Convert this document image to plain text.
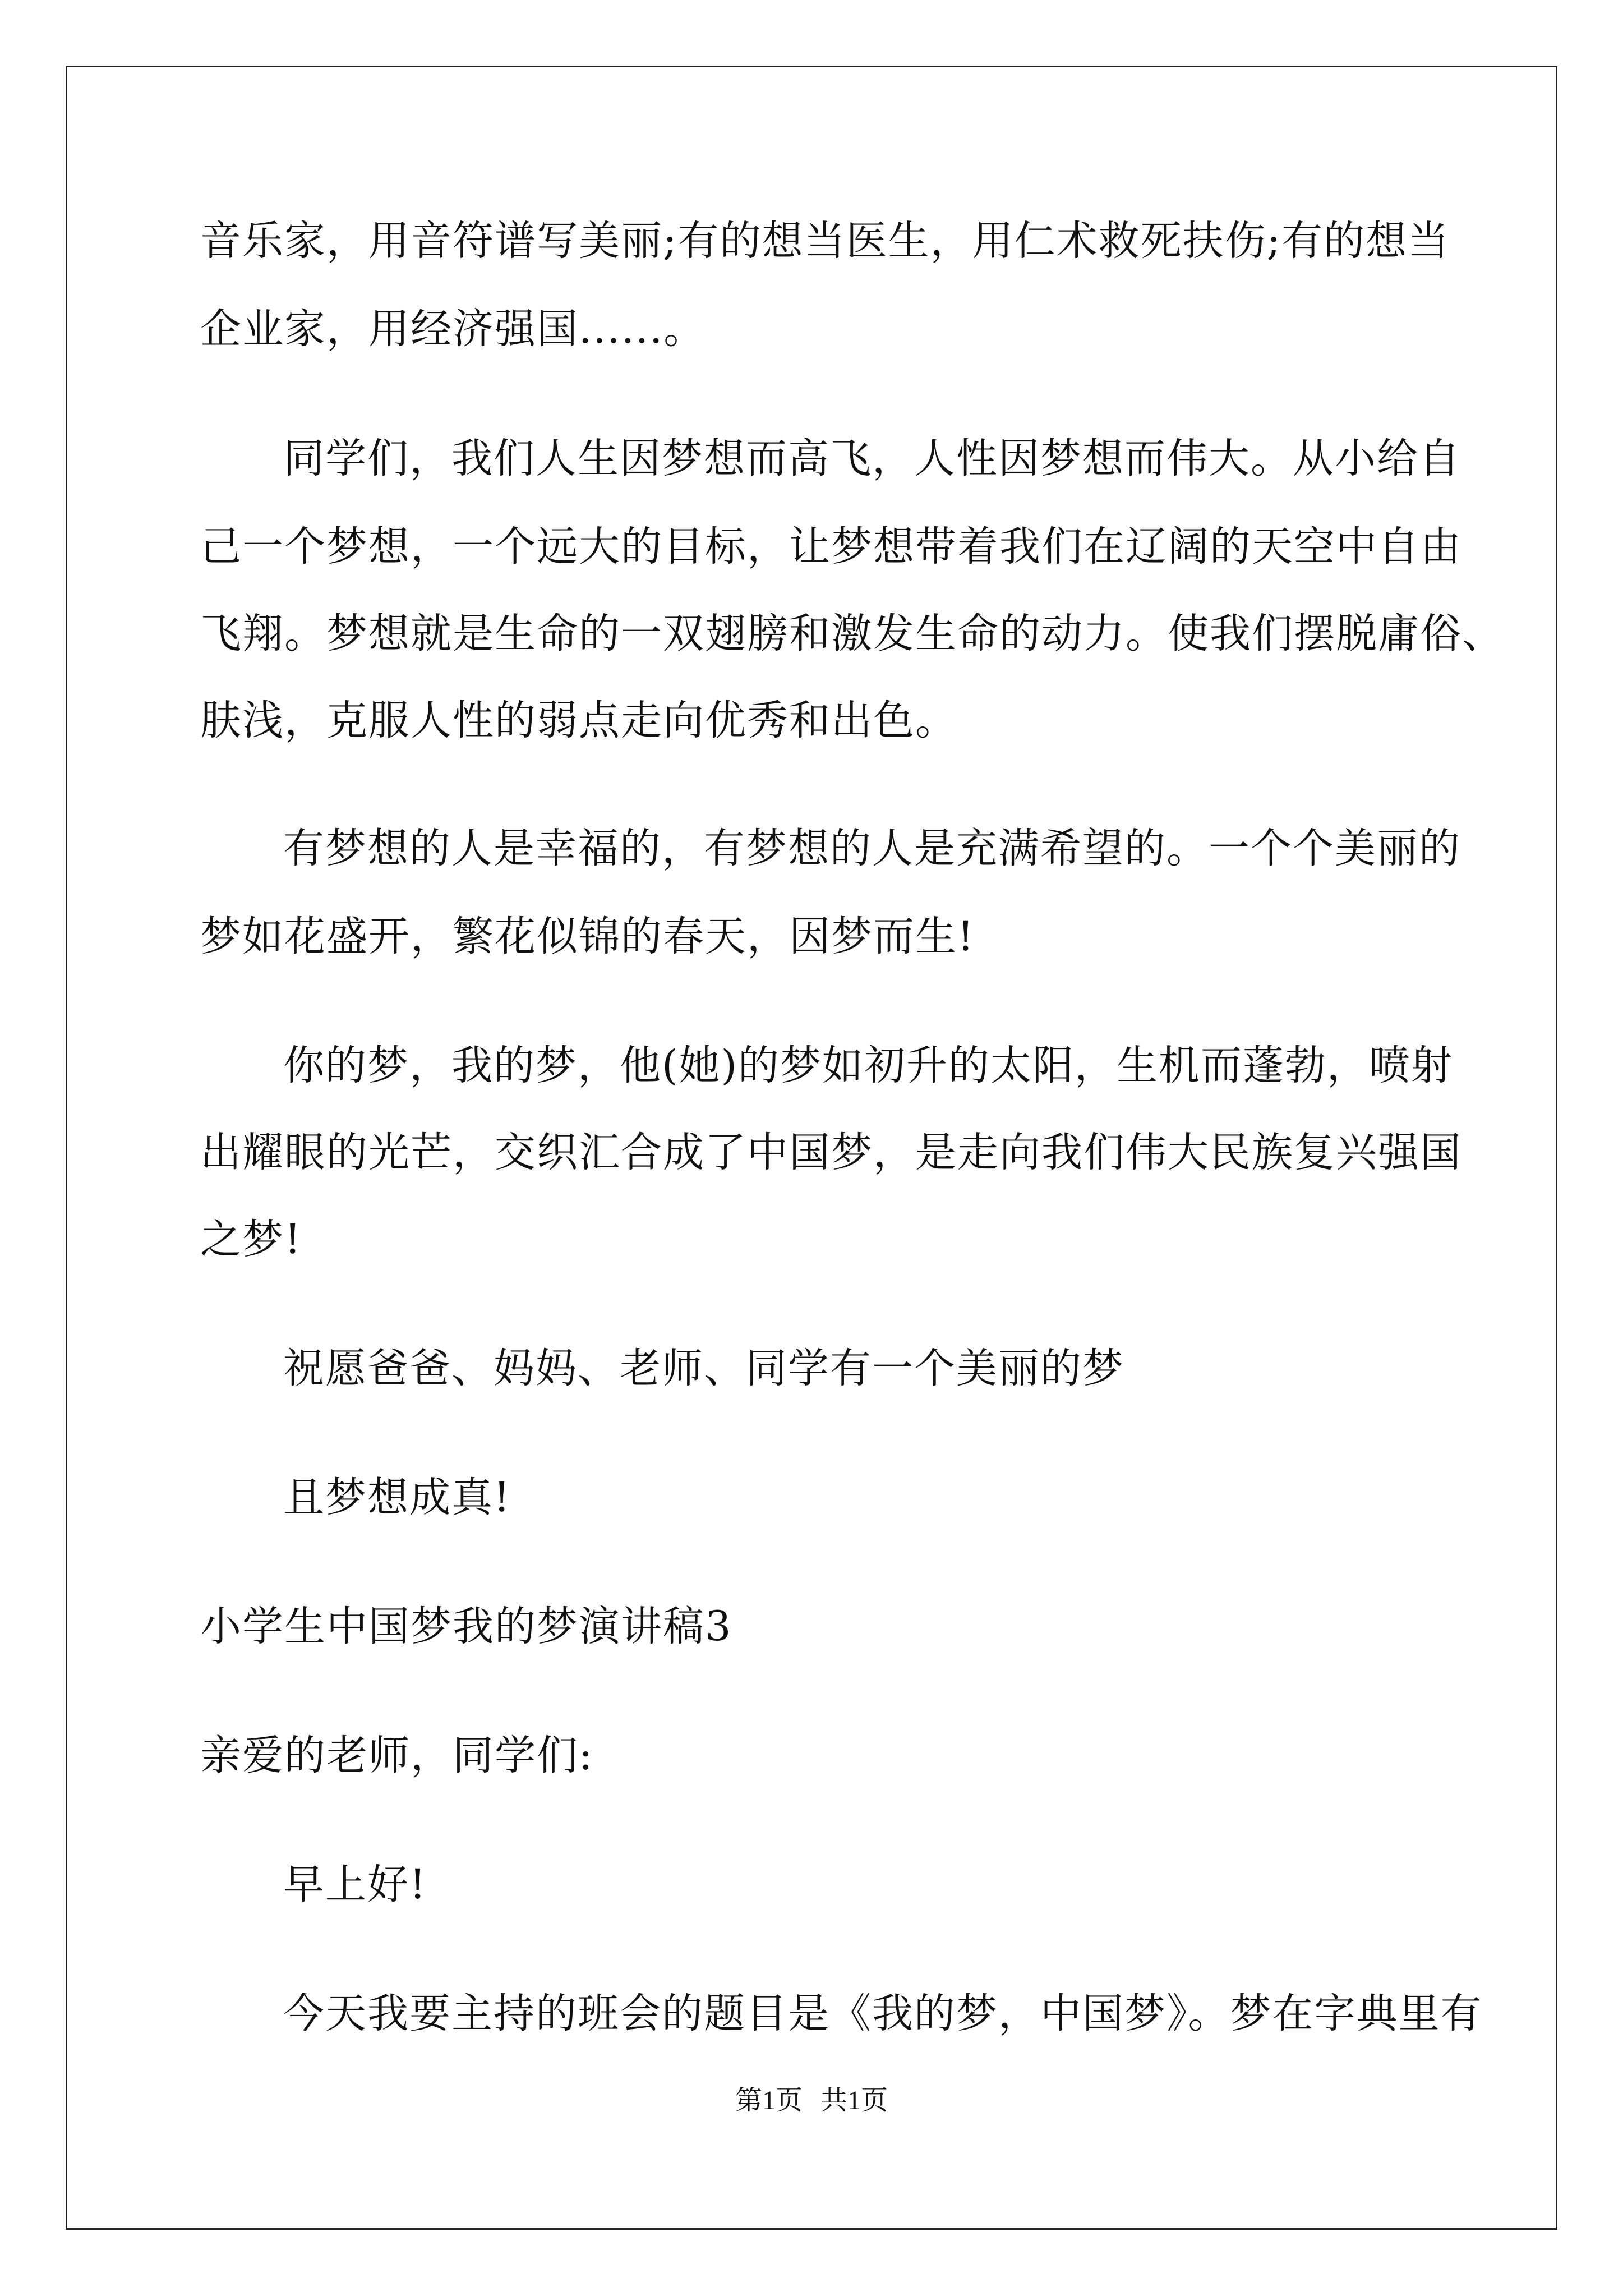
音乐家，用音符谱写美丽;有的想当医生，用仁术救死扶伤;有的想当
企业家，用经济强国......。
同学们，我们人生因梦想而高飞，人性因梦想而伟大。从小给自
己一个梦想，一个远大的目标，让梦想带着我们在辽阔的天空中自由
飞翔。梦想就是生命的一双翅膀和激发生命的动力。使我们摆脱庸俗、
肤浅，克服人性的弱点走向优秀和出色。
有梦想的人是幸福的，有梦想的人是充满希望的。一个个美丽的
梦如花盛开，繁花似锦的春天，因梦而生!
你的梦，我的梦，他(她)的梦如初升的太阳，生机而蓬勃，喷射
出耀眼的光芒，交织汇合成了中国梦，是走向我们伟大民族复兴强国
之梦!
祝愿爸爸、妈妈、老师、同学有一个美丽的梦
且梦想成真!
小学生中国梦我的梦演讲稿3
亲爱的老师，同学们:
早上好!
今天我要主持的班会的题目是《我的梦，中国梦》。梦在字典里有
第1页 共1页
